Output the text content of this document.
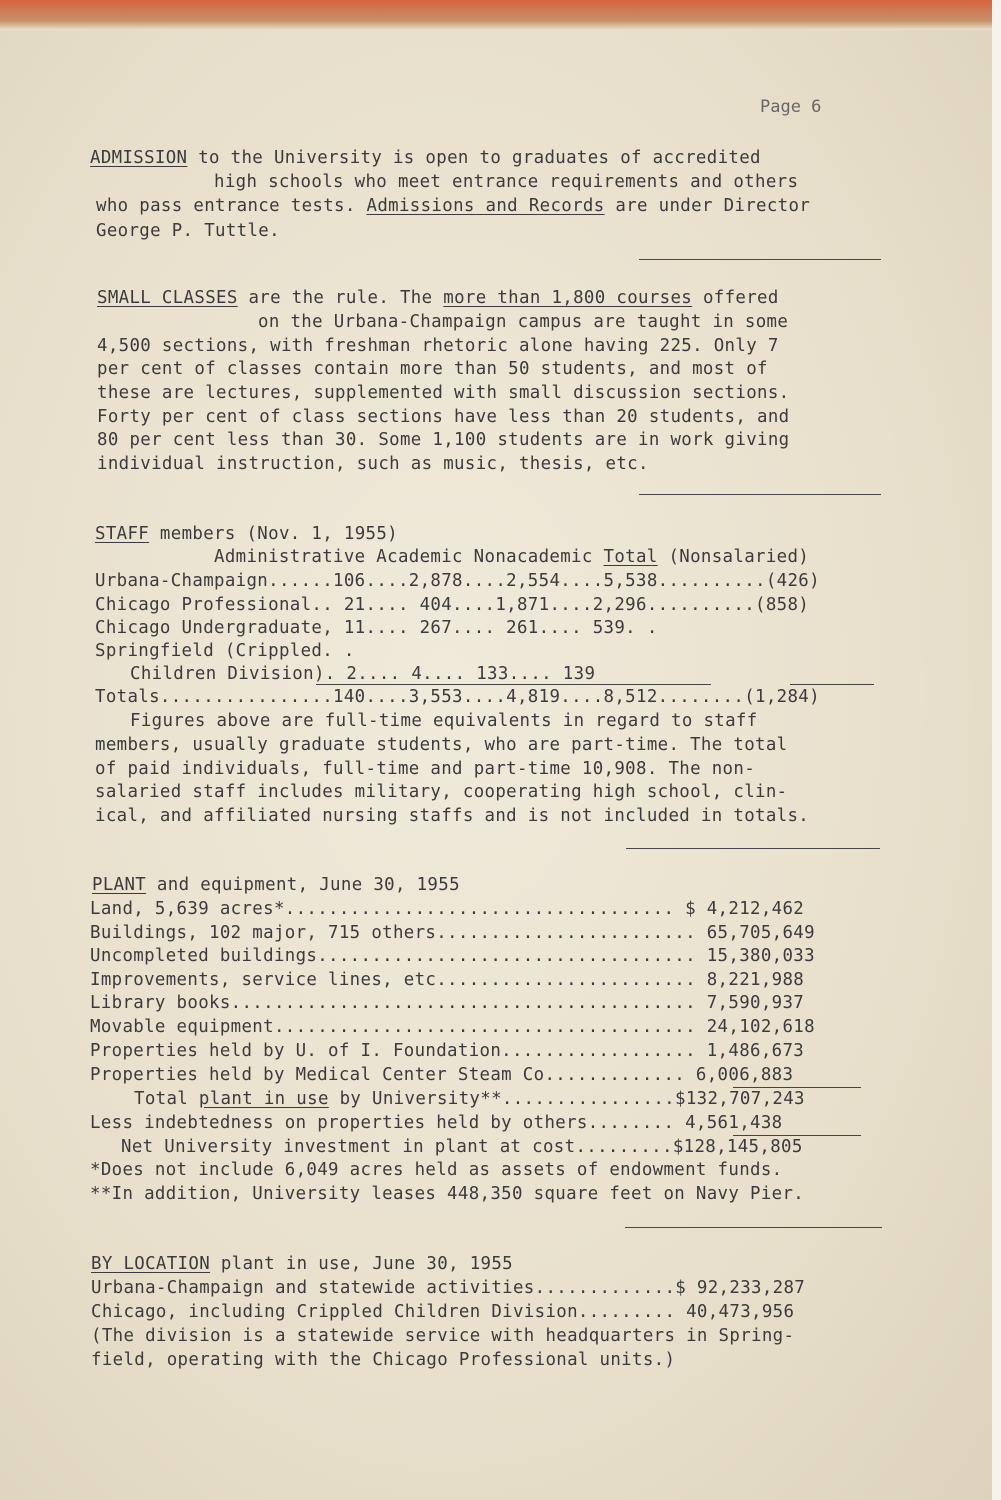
Page 6
ADMISSION to the University is open to graduates of accredited
high schools who meet entrance requirements and others
who pass entrance tests. Admissions and Records are under Director
George P. Tuttle.
SMALL CLASSES are the rule. The more than 1,800 courses offered
on the Urbana-Champaign campus are taught in some
4,500 sections, with freshman rhetoric alone having 225. Only 7
per cent of classes contain more than 50 students, and most of
these are lectures, supplemented with small discussion sections.
Forty per cent of class sections have less than 20 students, and
80 per cent less than 30. Some 1,100 students are in work giving
individual instruction, such as music, thesis, etc.
STAFF members (Nov. 1, 1955)
Administrative Academic Nonacademic Total (Nonsalaried)
Urbana-Champaign......106....2,878....2,554....5,538..........(426)
Chicago Professional.. 21.... 404....1,871....2,296..........(858)
Chicago Undergraduate, 11.... 267.... 261.... 539. .
Springfield (Crippled. .
Children Division). 2.... 4.... 133.... 139
Totals................140....3,553....4,819....8,512........(1,284)
Figures above are full-time equivalents in regard to staff
members, usually graduate students, who are part-time. The total
of paid individuals, full-time and part-time 10,908. The non-
salaried staff includes military, cooperating high school, clin-
ical, and affiliated nursing staffs and is not included in totals.
PLANT and equipment, June 30, 1955
Land, 5,639 acres*.................................... $ 4,212,462
Buildings, 102 major, 715 others........................ 65,705,649
Uncompleted buildings................................... 15,380,033
Improvements, service lines, etc........................ 8,221,988
Library books........................................... 7,590,937
Movable equipment....................................... 24,102,618
Properties held by U. of I. Foundation.................. 1,486,673
Properties held by Medical Center Steam Co............. 6,006,883
Total plant in use by University**................$132,707,243
Less indebtedness on properties held by others........ 4,561,438
Net University investment in plant at cost.........$128,145,805
*Does not include 6,049 acres held as assets of endowment funds.
**In addition, University leases 448,350 square feet on Navy Pier.
BY LOCATION plant in use, June 30, 1955
Urbana-Champaign and statewide activities.............$ 92,233,287
Chicago, including Crippled Children Division......... 40,473,956
(The division is a statewide service with headquarters in Spring-
field, operating with the Chicago Professional units.)
